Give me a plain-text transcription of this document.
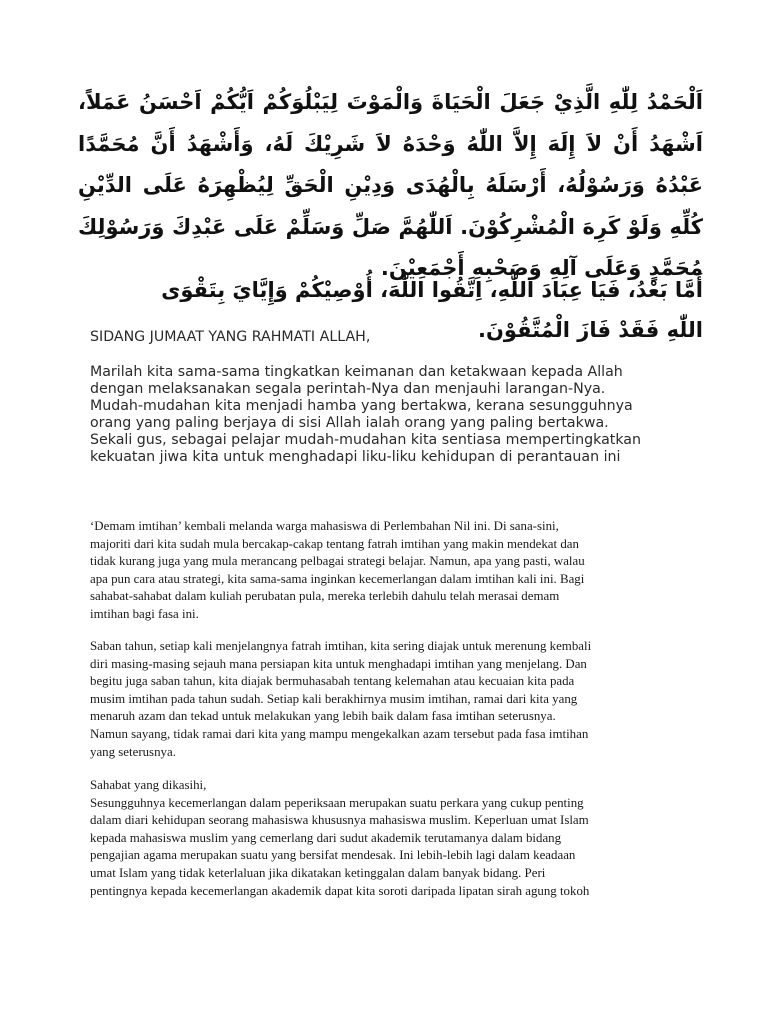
اَلْحَمْدُ لِلّٰهِ الَّذِيْ جَعَلَ الْحَيَاةَ وَالْمَوْتَ لِيَبْلُوَكُمْ اَيُّكُمْ اَحْسَنُ عَمَلاً، اَشْهَدُ أَنْ لاَ إِلَهَ إِلاَّ اللّٰهُ وَحْدَهُ لاَ شَرِيْكَ لَهُ، وَأَشْهَدُ أَنَّ مُحَمَّدًا عَبْدُهُ وَرَسُوْلُهُ، أَرْسَلَهُ بِالْهُدَى وَدِيْنِ الْحَقِّ لِيُظْهِرَهُ عَلَى الدِّيْنِ كُلِّهِ وَلَوْ كَرِهَ الْمُشْرِكُوْنَ. اَللّٰهُمَّ صَلِّ وَسَلِّمْ عَلَى عَبْدِكَ وَرَسُوْلِكَ مُحَمَّدٍ وَعَلَى آلِهِ وَصَحْبِهِ أَجْمَعِيْنَ.
أَمَّا بَعْدُ، فَيَا عِبَادَ اللّٰهِ، اِتَّقُوا اللّٰهَ، أُوْصِيْكُمْ وَإِيَّايَ بِتَقْوَى اللّٰهِ فَقَدْ فَازَ الْمُتَّقُوْنَ.
SIDANG JUMAAT YANG RAHMATI ALLAH,
Marilah kita sama-sama tingkatkan keimanan dan ketakwaan kepada Allah
dengan melaksanakan segala perintah-Nya dan menjauhi larangan-Nya.
Mudah-mudahan kita menjadi hamba yang bertakwa, kerana sesungguhnya
orang yang paling berjaya di sisi Allah ialah orang yang paling bertakwa.
Sekali gus, sebagai pelajar mudah-mudahan kita sentiasa mempertingkatkan
kekuatan jiwa kita untuk menghadapi liku-liku kehidupan di perantauan ini
‘Demam imtihan’ kembali melanda warga mahasiswa di Perlembahan Nil ini. Di sana-sini,
majoriti dari kita sudah mula bercakap-cakap tentang fatrah imtihan yang makin mendekat dan
tidak kurang juga yang mula merancang pelbagai strategi belajar. Namun, apa yang pasti, walau
apa pun cara atau strategi, kita sama-sama inginkan kecemerlangan dalam imtihan kali ini. Bagi
sahabat-sahabat dalam kuliah perubatan pula, mereka terlebih dahulu telah merasai demam
imtihan bagi fasa ini.
Saban tahun, setiap kali menjelangnya fatrah imtihan, kita sering diajak untuk merenung kembali
diri masing-masing sejauh mana persiapan kita untuk menghadapi imtihan yang menjelang. Dan
begitu juga saban tahun, kita diajak bermuhasabah tentang kelemahan atau kecuaian kita pada
musim imtihan pada tahun sudah. Setiap kali berakhirnya musim imtihan, ramai dari kita yang
menaruh azam dan tekad untuk melakukan yang lebih baik dalam fasa imtihan seterusnya.
Namun sayang, tidak ramai dari kita yang mampu mengekalkan azam tersebut pada fasa imtihan
yang seterusnya.
Sahabat yang dikasihi,
Sesungguhnya kecemerlangan dalam peperiksaan merupakan suatu perkara yang cukup penting
dalam diari kehidupan seorang mahasiswa khususnya mahasiswa muslim. Keperluan umat Islam
kepada mahasiswa muslim yang cemerlang dari sudut akademik terutamanya dalam bidang
pengajian agama merupakan suatu yang bersifat mendesak. Ini lebih-lebih lagi dalam keadaan
umat Islam yang tidak keterlaluan jika dikatakan ketinggalan dalam banyak bidang. Peri
pentingnya kepada kecemerlangan akademik dapat kita soroti daripada lipatan sirah agung tokoh
